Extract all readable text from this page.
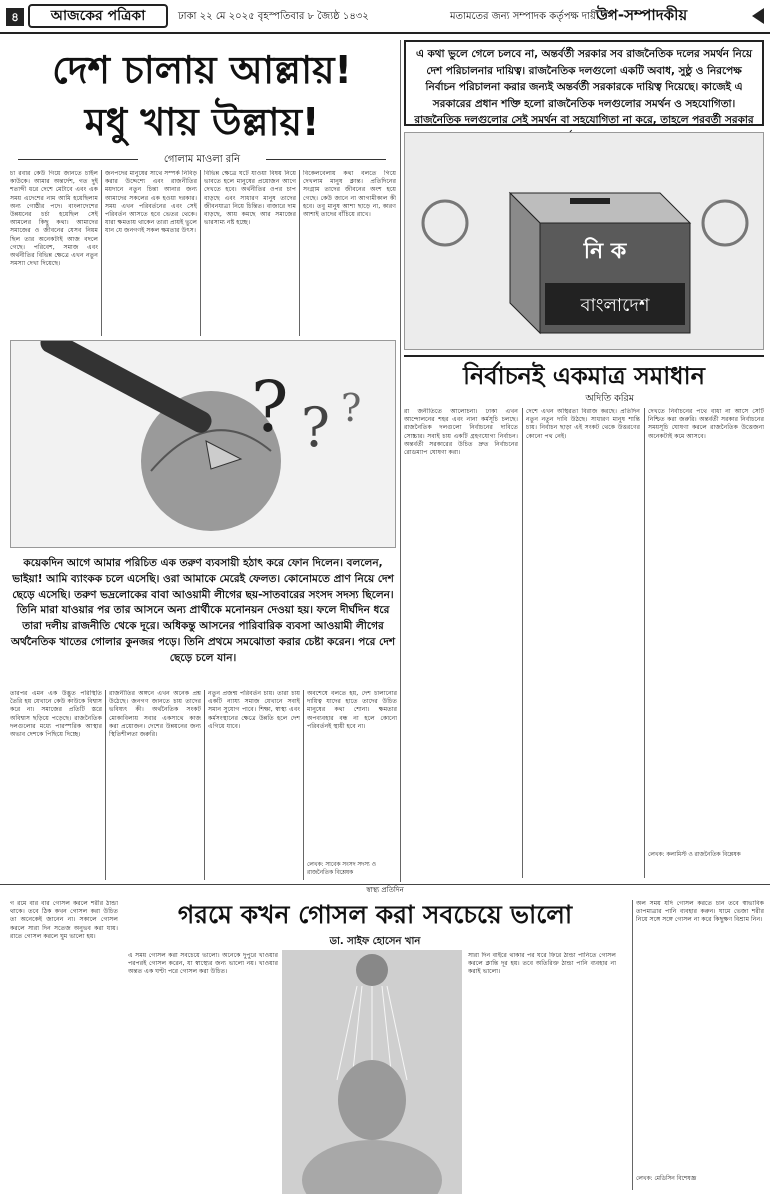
৪	আজকের পত্রিকা	ঢাকা ২২ মে ২০২৫ বৃহস্পতিবার ৮ জ্যৈষ্ঠ ১৪৩২	মতামতের জন্য সম্পাদক কর্তৃপক্ষ দায়ী নন
উপ-সম্পাদকীয়
দেশ চালায় আল্লায়!
মধু খায় উল্লায়!
গোলাম মাওলা রনি

চা রবার কেউ গিয়ে জানতে চাইল কাউকে। আমার অন্তর্দেশ, গত দুই শতাব্দী ধরে দেশে মেটাবে এবং এক সময় এদেশের নাম আমি হয়েছিলাম অন্য গোষ্ঠীর পদে। বাংলাদেশের উন্নয়নের চর্চা হয়েছিল সেই আমলের কিছু কথা। আমাদের সমাজের ও জীবনের যেসব নিয়ম ছিল তার অনেকটাই আজ বদলে গেছে। পরিবেশ, সমাজ এবং অর্থনীতির বিভিন্ন ক্ষেত্রে এখন নতুন সমস্যা দেখা দিয়েছে।

জনপদের মানুষের সাথে সম্পর্ক নিবিড় করার উদ্দেশ্যে এবং রাজনীতির ময়দানে নতুন চিন্তা আনার জন্য আমাদের সকলের এক হওয়া দরকার। সময় এখন পরিবর্তনের এবং সেই পরিবর্তন আসতে হবে ভেতর থেকে। যারা ক্ষমতায় থাকেন তারা প্রায়ই ভুলে যান যে জনগণই সকল ক্ষমতার উৎস।

বিভিন্ন ক্ষেত্রে ঘটে যাওয়া বিষয় নিয়ে ভাবতে হলে মানুষের প্রয়োজন আগে দেখতে হবে। অর্থনীতির ওপর চাপ বাড়ছে এবং সাধারণ মানুষ তাদের জীবনযাত্রা নিয়ে চিন্তিত। বাজারে দাম বাড়ছে, আয় কমছে আর সমাজের ভারসাম্য নষ্ট হচ্ছে।

বিকেলবেলায় কথা বলতে গিয়ে দেখলাম মানুষ ক্লান্ত। প্রতিদিনের সংগ্রাম তাদের জীবনের অংশ হয়ে গেছে। কেউ জানে না আগামীকাল কী হবে। তবু মানুষ আশা ছাড়ে না, কারণ আশাই তাদের বাঁচিয়ে রাখে।

? ? ?
কয়েকদিন আগে আমার পরিচিত এক তরুণ ব্যবসায়ী হঠাৎ করে ফোন দিলেন। বললেন, ভাইয়া! আমি ব্যাংকক চলে এসেছি। ওরা আমাকে মেরেই ফেলত। কোনোমতে প্রাণ নিয়ে দেশ ছেড়ে এসেছি। তরুণ ভদ্রলোকের বাবা আওয়ামী লীগের ছয়-সাতবারের সংসদ সদস্য ছিলেন। তিনি মারা যাওয়ার পর তার আসনে অন্য প্রার্থীকে মনোনয়ন দেওয়া হয়। ফলে দীর্ঘদিন ধরে তারা দলীয় রাজনীতি থেকে দূরে। অধিকন্তু আসনের পারিবারিক ব্যবসা আওয়ামী লীগের অর্থনৈতিক খাতের গোলার কুনজর পড়ে। তিনি প্রথমে সমঝোতা করার চেষ্টা করেন। পরে দেশ ছেড়ে চলে যান।

তারপর এমন এক উদ্ভূত পরিস্থিতি তৈরি হয় যেখানে কেউ কাউকে বিশ্বাস করে না। সমাজের প্রতিটি স্তরে অবিশ্বাস ছড়িয়ে পড়েছে। রাজনৈতিক দলগুলোর মধ্যে পারস্পরিক আস্থার অভাব দেশকে পিছিয়ে দিচ্ছে।

রাজনীতির অঙ্গনে এখন অনেক প্রশ্ন উঠেছে। জনগণ জানতে চায় তাদের ভবিষ্যৎ কী। অর্থনৈতিক সংকট মোকাবিলায় সবার একসাথে কাজ করা প্রয়োজন। দেশের উন্নয়নের জন্য স্থিতিশীলতা জরুরি।

নতুন প্রজন্ম পরিবর্তন চায়। তারা চায় একটি ন্যায্য সমাজ যেখানে সবাই সমান সুযোগ পাবে। শিক্ষা, স্বাস্থ্য এবং কর্মসংস্থানের ক্ষেত্রে উন্নতি হলে দেশ এগিয়ে যাবে।

অবশেষে বলতে হয়, দেশ চালানোর দায়িত্ব যাদের হাতে তাদের উচিত মানুষের কথা শোনা। ক্ষমতার অপব্যবহার বন্ধ না হলে কোনো পরিবর্তনই স্থায়ী হবে না।

লেখক: সাবেক সংসদ সদস্য ও রাজনৈতিক বিশ্লেষক
এ কথা ভুলে গেলে চলবে না, অন্তর্বর্তী সরকার সব রাজনৈতিক দলের সমর্থন নিয়ে দেশ পরিচালনার দায়িত্ব। রাজনৈতিক দলগুলো একটি অবাধ, সুষ্ঠু ও নিরপেক্ষ নির্বাচন পরিচালনা করার জন্যই অন্তর্বর্তী সরকারকে দায়িত্ব দিয়েছে। কাজেই এ সরকারের প্রধান শক্তি হলো রাজনৈতিক দলগুলোর সমর্থন ও সহযোগিতা। রাজনৈতিক দলগুলোর সেই সমর্থন বা সহযোগিতা না করে, তাহলে পরবর্তী সরকার
নি ক
বাংলাদেশ
নির্বাচনই একমাত্র সমাধান
অদিতি করিম

রা জনীতিতে আলোচনা। ঢাকা এখন আন্দোলনের শহর এবং নানা কর্মসূচি চলছে। রাজনৈতিক দলগুলো নির্বাচনের দাবিতে সোচ্চার। সবাই চায় একটি গ্রহণযোগ্য নির্বাচন। অন্তর্বর্তী সরকারের উচিত দ্রুত নির্বাচনের রোডম্যাপ ঘোষণা করা।

দেশে এখন অস্থিরতা বিরাজ করছে। প্রতিদিন নতুন নতুন দাবি উঠছে। সাধারণ মানুষ শান্তি চায়। নির্বাচন ছাড়া এই সংকট থেকে উত্তরণের কোনো পথ নেই।

দেখতে নির্বাচনের পথে বাধা না আসে সেটি নিশ্চিত করা জরুরি। অন্তর্বর্তী সরকার নির্বাচনের সময়সূচি ঘোষণা করলে রাজনৈতিক উত্তেজনা অনেকটাই কমে আসবে।

লেখক: কলামিস্ট ও রাজনৈতিক বিশ্লেষক
স্বাস্থ্য প্রতিদিন
গরমে কখন গোসল করা সবচেয়ে ভালো
ডা. সাইফ হোসেন খান

গ রমে বার বার গোসল করলে শরীর ঠান্ডা থাকে। তবে ঠিক কখন গোসল করা উচিত তা অনেকেই জানেন না। সকালে গোসল করলে সারা দিন সতেজ অনুভব করা যায়। রাতে গোসল করলে ঘুম ভালো হয়।

এ সময় গোসল করা সবচেয়ে ভালো। অনেকে দুপুরে খাওয়ার পরপরই গোসল করেন, যা স্বাস্থ্যের জন্য ভালো নয়। খাওয়ার অন্তত এক ঘণ্টা পরে গোসল করা উচিত।

সারা দিন বাইরে থাকার পর ঘরে ফিরে ঠান্ডা পানিতে গোসল করলে ক্লান্তি দূর হয়। তবে অতিরিক্ত ঠান্ডা পানি ব্যবহার না করাই ভালো।

অল সময় যদি গোসল করতে চান তবে স্বাভাবিক তাপমাত্রার পানি ব্যবহার করুন। ঘামে ভেজা শরীর নিয়ে সঙ্গে সঙ্গে গোসল না করে কিছুক্ষণ বিশ্রাম নিন।

লেখক: মেডিসিন বিশেষজ্ঞ
